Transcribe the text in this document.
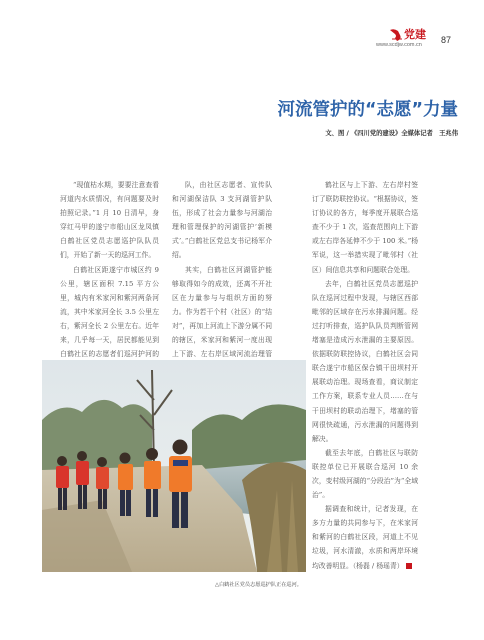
党建
www.scdjw.com.cn 87
河流管护的“志愿”力量
文、图 / 《四川党的建设》全媒体记者　王兆伟

“现值枯水期，要要注意查看河道内水质情况，有问题要及时拍照记录。”1 月 10 日清早，身穿红马甲的遂宁市船山区龙凤镇白鹤社区党员志愿巡护队队员们，开始了新一天的巡河工作。

白鹤社区距遂宁市城区约 9 公里，辖区面积 7.15 平方公里，城内有米家河和紫河两条河流，其中米家河全长 3.5 公里左右，紫河全长 2 公里左右。近年来，几乎每一天，居民都能见到白鹤社区的志愿者们巡河护河的

队，由社区志愿者、宣传队和河湖保洁队 3 支河湖管护队伍，形成了社会力量参与河湖治理和管理保护的河湖管护‘新模式’。”白鹤社区党总支书记杨军介绍。

其实，白鹤社区河湖管护能够取得如今的成效，还离不开社区在力量参与与组织方面的努力。作为若干个村（社区）的“结对”，再加上河流上下游分属不同的辖区，米家河和紫河一度出现上下游、左右岸区域河流治理管

鹤社区与上下游、左右岸村签订了联防联控协议。“根据协议，签订协议的各方，每季度开展联合巡查不少于 1 次，巡查范围向上下游或左右岸各延伸不少于 100 米。”杨军说，这一举措实现了毗邻村（社区）间信息共享和问题联合处理。

去年，白鹤社区党员志愿巡护队在巡河过程中发现，与辖区西部毗邻的区域存在污水排漏问题。经过打听排查，巡护队队员判断管网堵塞是造成污水泄漏的主要原因。依据联防联控协议，白鹤社区会同联合遂宁市船区保合镇干田坝村开展联动治理。现场查看，商议制定工作方案，联系专业人员……在与干田坝村的联动治理下，堵塞的管网很快疏通，污水泄漏的问题得到解决。

截至去年底，白鹤社区与联防联控单位已开展联合巡河 10 余次，变村级河湖的“分段治”为“全域治”。

据调查和统计，记者发现，在多方力量的共同参与下，在米家河和紫河的白鹤社区段，河道上不见垃圾，河水清澈，水质和两岸环境均改善明显。（杨磊 / 杨瑶青）

△白鹤社区党员志愿巡护队正在巡河。
